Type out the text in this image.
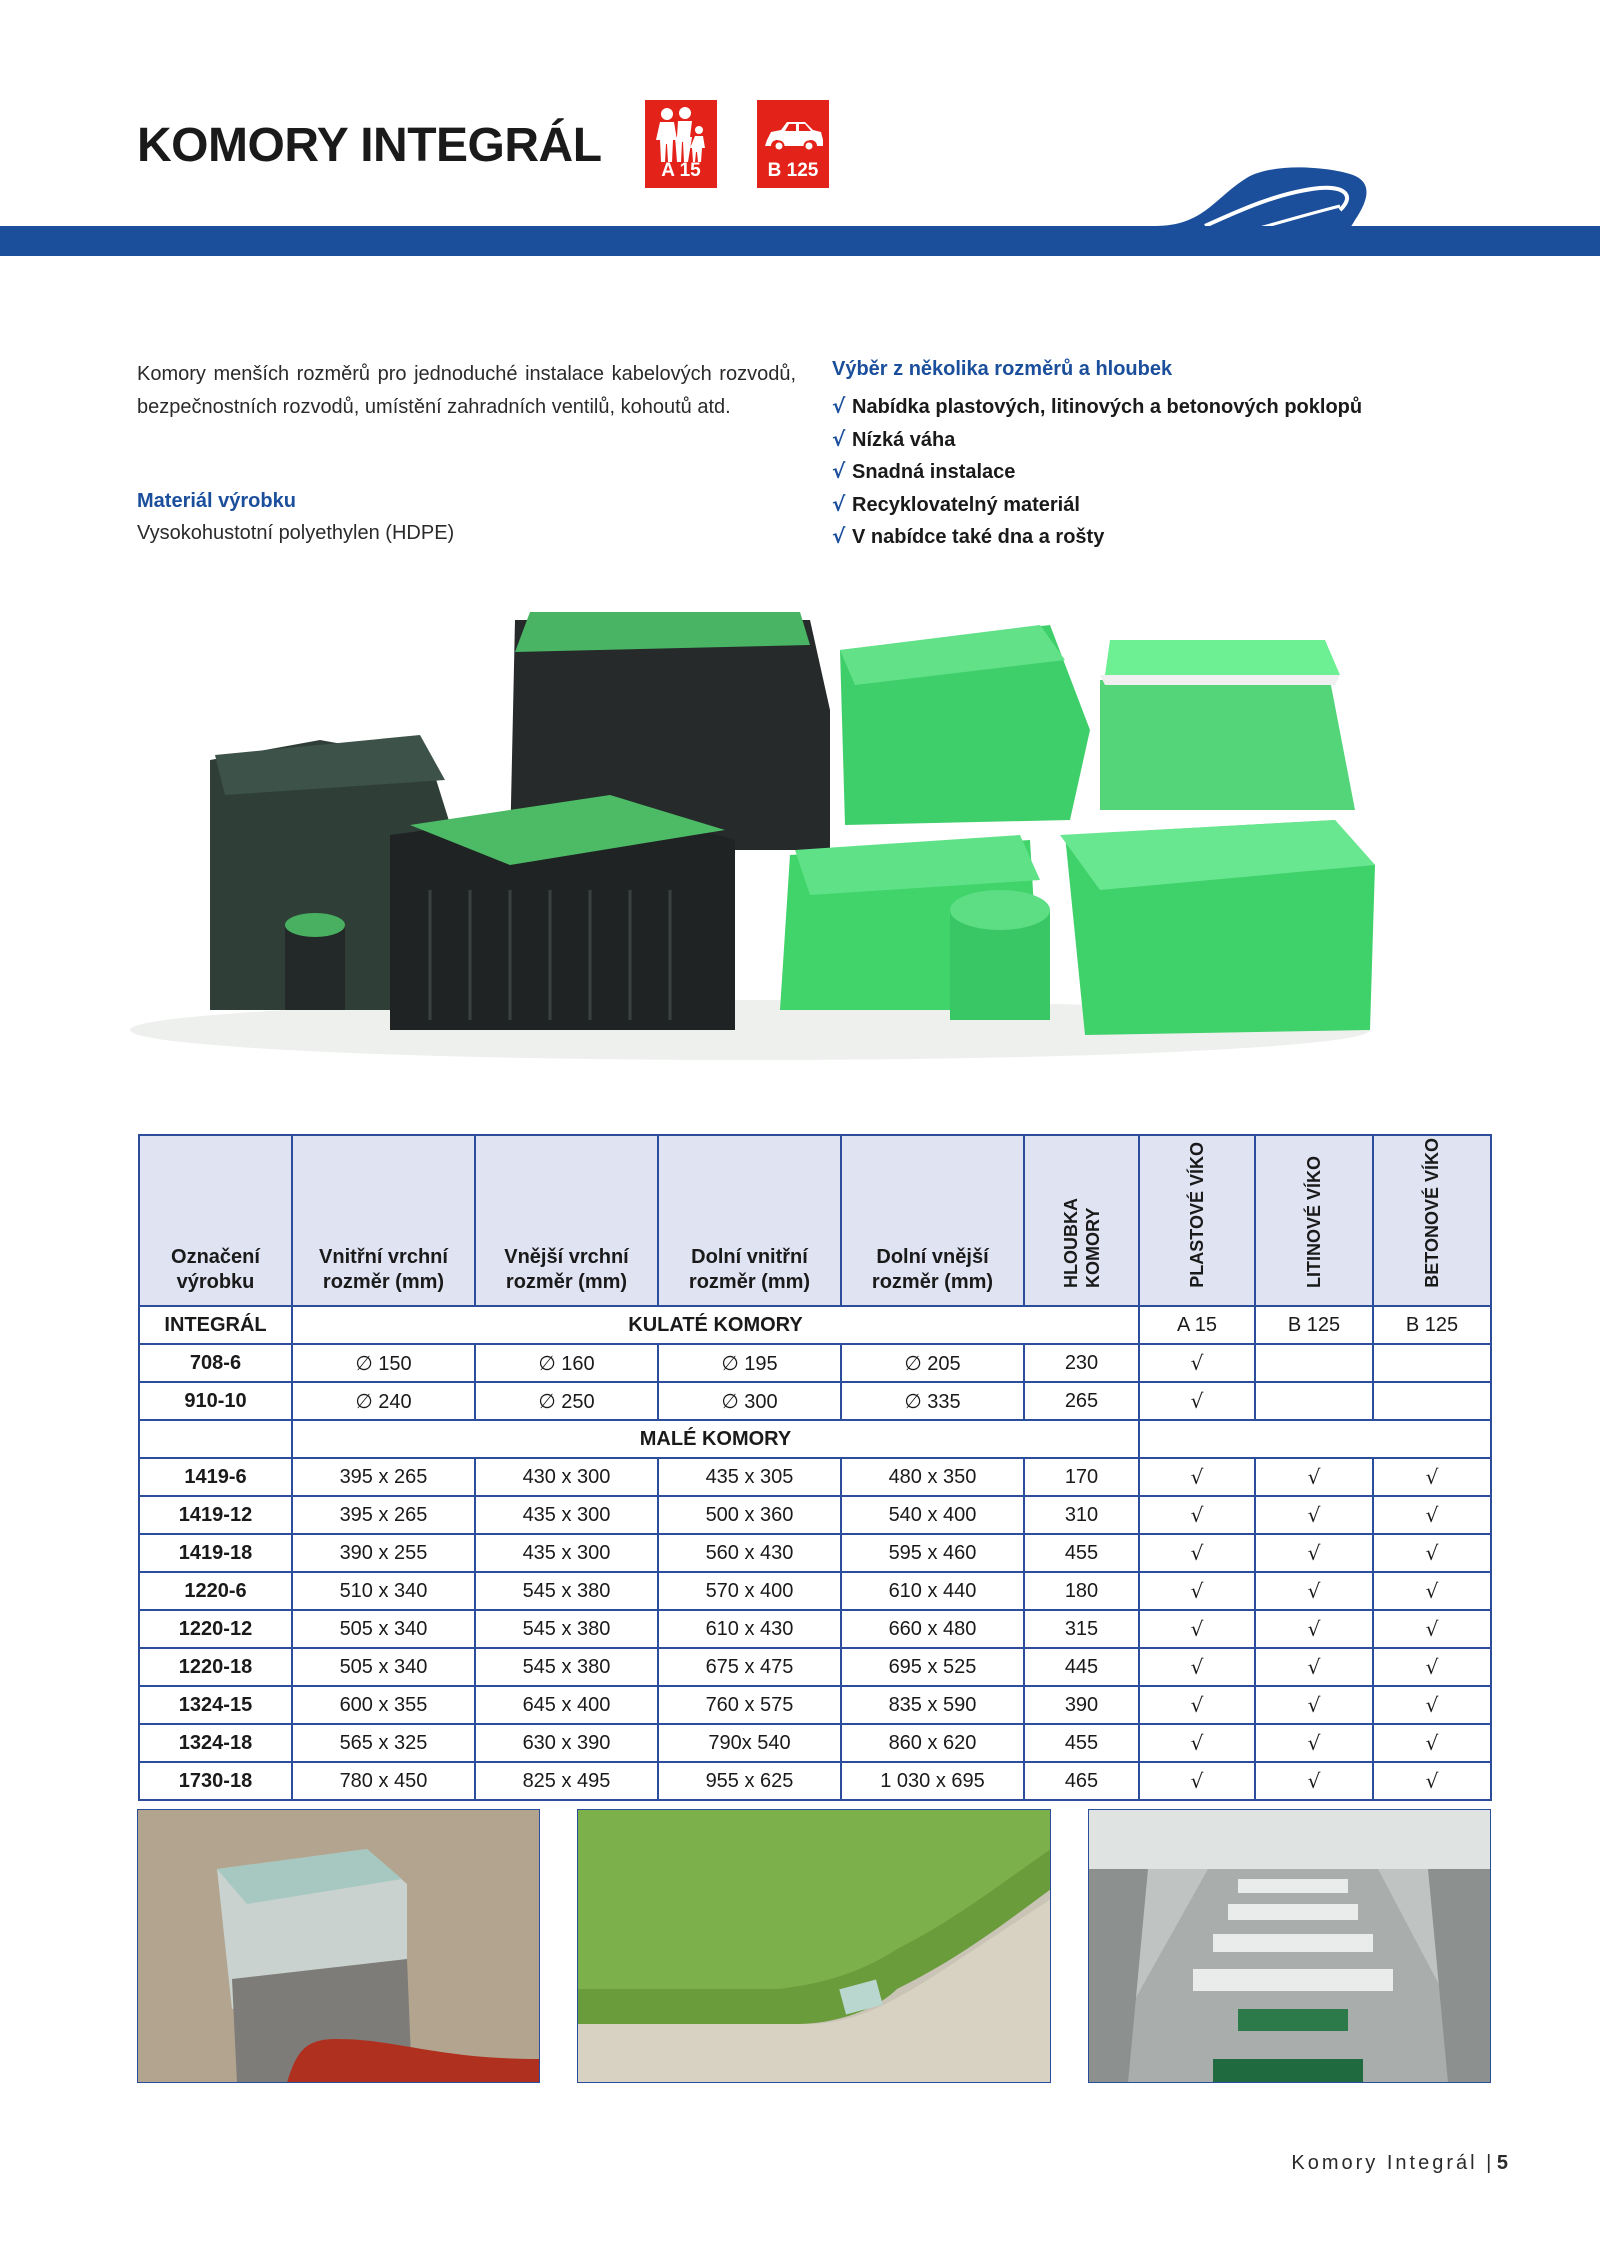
KOMORY INTEGRÁL	A 15	B 125
Komory menších rozměrů pro jednoduché instalace kabelových rozvodů, bezpečnostních rozvodů, umístění zahradních ventilů, kohoutů atd.
Materiál výrobku
Vysokohustotní polyethylen (HDPE)
Výběr z několika rozměrů a hloubek
√ Nabídka plastových, litinových a betonových poklopů
√ Nízká váha
√ Snadná instalace
√ Recyklovatelný materiál
√ V nabídce také dna a rošty
Označení výrobku	Vnitřní vrchní rozměr (mm)	Vnější vrchní rozměr (mm)	Dolní vnitřní rozměr (mm)	Dolní vnější rozměr (mm)	HLOUBKA KOMORY	PLASTOVÉ VÍKO	LITINOVÉ VÍKO	BETONOVÉ VÍKO
INTEGRÁL	KULATÉ KOMORY					A 15	B 125	B 125
708-6	∅ 150	∅ 160	∅ 195	∅ 205	230	√		
910-10	∅ 240	∅ 250	∅ 300	∅ 335	265	√		
	MALÉ KOMORY							
1419-6	395 x 265	430 x 300	435 x 305	480 x 350	170	√	√	√
1419-12	395 x 265	435 x 300	500 x 360	540 x 400	310	√	√	√
1419-18	390 x 255	435 x 300	560 x 430	595 x 460	455	√	√	√
1220-6	510 x 340	545 x 380	570 x 400	610 x 440	180	√	√	√
1220-12	505 x 340	545 x 380	610 x 430	660 x 480	315	√	√	√
1220-18	505 x 340	545 x 380	675 x 475	695 x 525	445	√	√	√
1324-15	600 x 355	645 x 400	760 x 575	835 x 590	390	√	√	√
1324-18	565 x 325	630 x 390	790x 540	860 x 620	455	√	√	√
1730-18	780 x 450	825 x 495	955 x 625	1 030 x 695	465	√	√	√
Komory Integrál | 5
